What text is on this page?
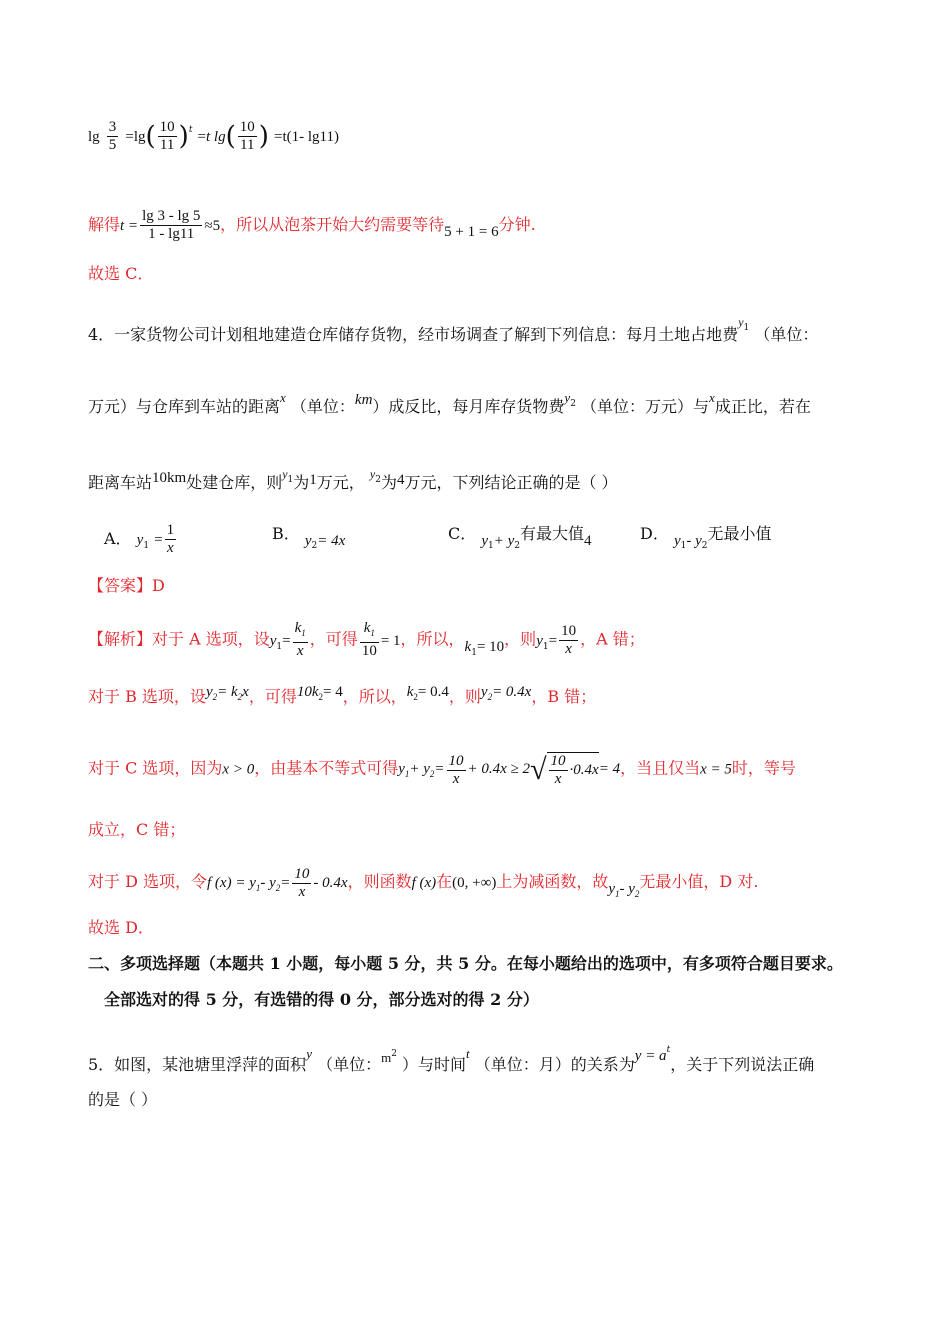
$\lg \frac{3}{5} =\lg( \frac{10}{11} )^t =t$ $\lg( \frac{10}{11}$ ) =t(1- lg11)
解得$t = \frac{\lg 3 - \lg 5}{1 - \lg 11} \approx 5$，所以从泡茶开始大约需要等待5 + 1 = 6分钟.
故选 C．
4．一家货物公司计划租地建造仓库储存货物，经市场调查了解到下列信息：每月土地占地费$^{y1}$ （单位：
万元）与仓库到车站的距离$^x$ （单位：km）成反比，每月库存货物费$^{y2}$ （单位：万元）与$^x$成正比，若在
距离车站10km处建仓库，则$^{y1}$为1万元， $^{y2}$为4万元，下列结论正确的是（ ）
A． $y_1 = \frac{1}{x}$	B． $y_2= 4x$	C． $y_1+ y_2$有最大值4	D． $y_1-$ $y_2$无最小值
【答案】D
【解析】对于 A 选项，设$y_1= \frac{k_1}{x}$ ，可得 $\frac{k_1}{10} = 1$，所以，$k_1= 10$，则$y_1= \frac{10}{x}$ ，A 错；
对于 B 选项，设$y_2= k_2x$，可得$10k_2= 4$，所以，$k_2= 0.4$，则$y_2= 0.4x$，B 错；
对于 C 选项，因为x > 0，由基本不等式可得$y_1+ y_2= \frac{10}{x} + 0.4x \ge 2√ \frac{10}{x} \cdot 0.4x= 4$，当且仅当x = 5时，等号
成立，C 错；
对于 D 选项，令f $(x) = y_1-$ $y_2= \frac{10}{x} - 0.4x$，则函数f (x)在(0, +∞)上为减函数，故$y_1-$ $y_2$无最小值，D 对.
故选 D．
二、多项选择题（本题共 1 小题，每小题 5 分，共 5 分。在每小题给出的选项中，有多项符合题目要求。
全部选对的得 5 分，有选错的得 0 分，部分选对的得 2 分）
5．如图，某池塘里浮萍的面积$^y$ （单位：$^{m2}$ ）与时间$^t$ （单位：月）的关系为$y = a^t$，关于下列说法正确
的是（ ）
